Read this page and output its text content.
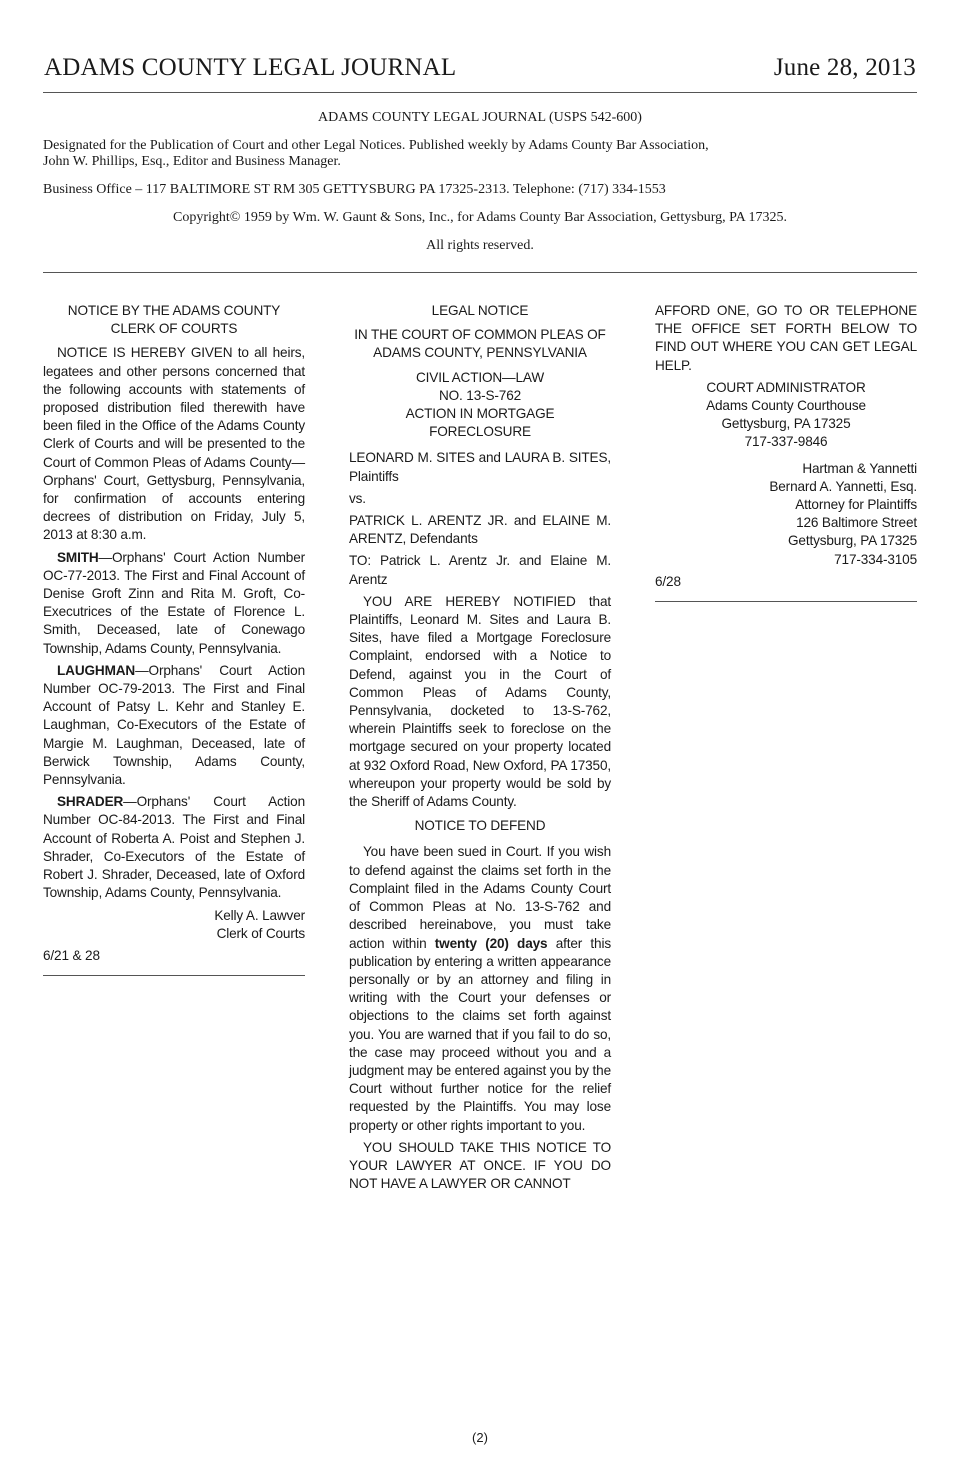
ADAMS COUNTY LEGAL JOURNAL	June 28, 2013

ADAMS COUNTY LEGAL JOURNAL (USPS 542-600)

Designated for the Publication of Court and other Legal Notices. Published weekly by Adams County Bar Association,

John W. Phillips, Esq., Editor and Business Manager.

Business Office – 117 BALTIMORE ST RM 305 GETTYSBURG PA 17325-2313. Telephone: (717) 334-1553

Copyright© 1959 by Wm. W. Gaunt & Sons, Inc., for Adams County Bar Association, Gettysburg, PA 17325.

All rights reserved.

NOTICE BY THE ADAMS COUNTY CLERK OF COURTS

NOTICE IS HEREBY GIVEN to all heirs, legatees and other persons concerned that the following accounts with statements of proposed distribution filed therewith have been filed in the Office of the Adams County Clerk of Courts and will be presented to the Court of Common Pleas of Adams County—Orphans' Court, Gettysburg, Pennsylvania, for confirmation of accounts entering decrees of distribution on Friday, July 5, 2013 at 8:30 a.m.

SMITH—Orphans' Court Action Number OC-77-2013. The First and Final Account of Denise Groft Zinn and Rita M. Groft, Co-Executrices of the Estate of Florence L. Smith, Deceased, late of Conewago Township, Adams County, Pennsylvania.

LAUGHMAN—Orphans' Court Action Number OC-79-2013. The First and Final Account of Patsy L. Kehr and Stanley E. Laughman, Co-Executors of the Estate of Margie M. Laughman, Deceased, late of Berwick Township, Adams County, Pennsylvania.

SHRADER—Orphans' Court Action Number OC-84-2013. The First and Final Account of Roberta A. Poist and Stephen J. Shrader, Co-Executors of the Estate of Robert J. Shrader, Deceased, late of Oxford Township, Adams County, Pennsylvania.

Kelly A. Lawver

Clerk of Courts

6/21 & 28

LEGAL NOTICE

IN THE COURT OF COMMON PLEAS OF ADAMS COUNTY, PENNSYLVANIA

CIVIL ACTION—LAW

NO. 13-S-762

ACTION IN MORTGAGE FORECLOSURE

LEONARD M. SITES and LAURA B. SITES, Plaintiffs

vs.

PATRICK L. ARENTZ JR. and ELAINE M. ARENTZ, Defendants

TO: Patrick L. Arentz Jr. and Elaine M. Arentz

YOU ARE HEREBY NOTIFIED that Plaintiffs, Leonard M. Sites and Laura B. Sites, have filed a Mortgage Foreclosure Complaint, endorsed with a Notice to Defend, against you in the Court of Common Pleas of Adams County, Pennsylvania, docketed to 13-S-762, wherein Plaintiffs seek to foreclose on the mortgage secured on your property located at 932 Oxford Road, New Oxford, PA 17350, whereupon your property would be sold by the Sheriff of Adams County.

NOTICE TO DEFEND

You have been sued in Court. If you wish to defend against the claims set forth in the Complaint filed in the Adams County Court of Common Pleas at No. 13-S-762 and described hereinabove, you must take action within twenty (20) days after this publication by entering a written appearance personally or by an attorney and filing in writing with the Court your defenses or objections to the claims set forth against you. You are warned that if you fail to do so, the case may proceed without you and a judgment may be entered against you by the Court without further notice for the relief requested by the Plaintiffs. You may lose property or other rights important to you.

YOU SHOULD TAKE THIS NOTICE TO YOUR LAWYER AT ONCE. IF YOU DO NOT HAVE A LAWYER OR CANNOT

AFFORD ONE, GO TO OR TELEPHONE THE OFFICE SET FORTH BELOW TO FIND OUT WHERE YOU CAN GET LEGAL HELP.

COURT ADMINISTRATOR

Adams County Courthouse

Gettysburg, PA 17325

717-337-9846

Hartman & Yannetti

Bernard A. Yannetti, Esq.

Attorney for Plaintiffs

126 Baltimore Street

Gettysburg, PA 17325

717-334-3105

6/28

(2)
